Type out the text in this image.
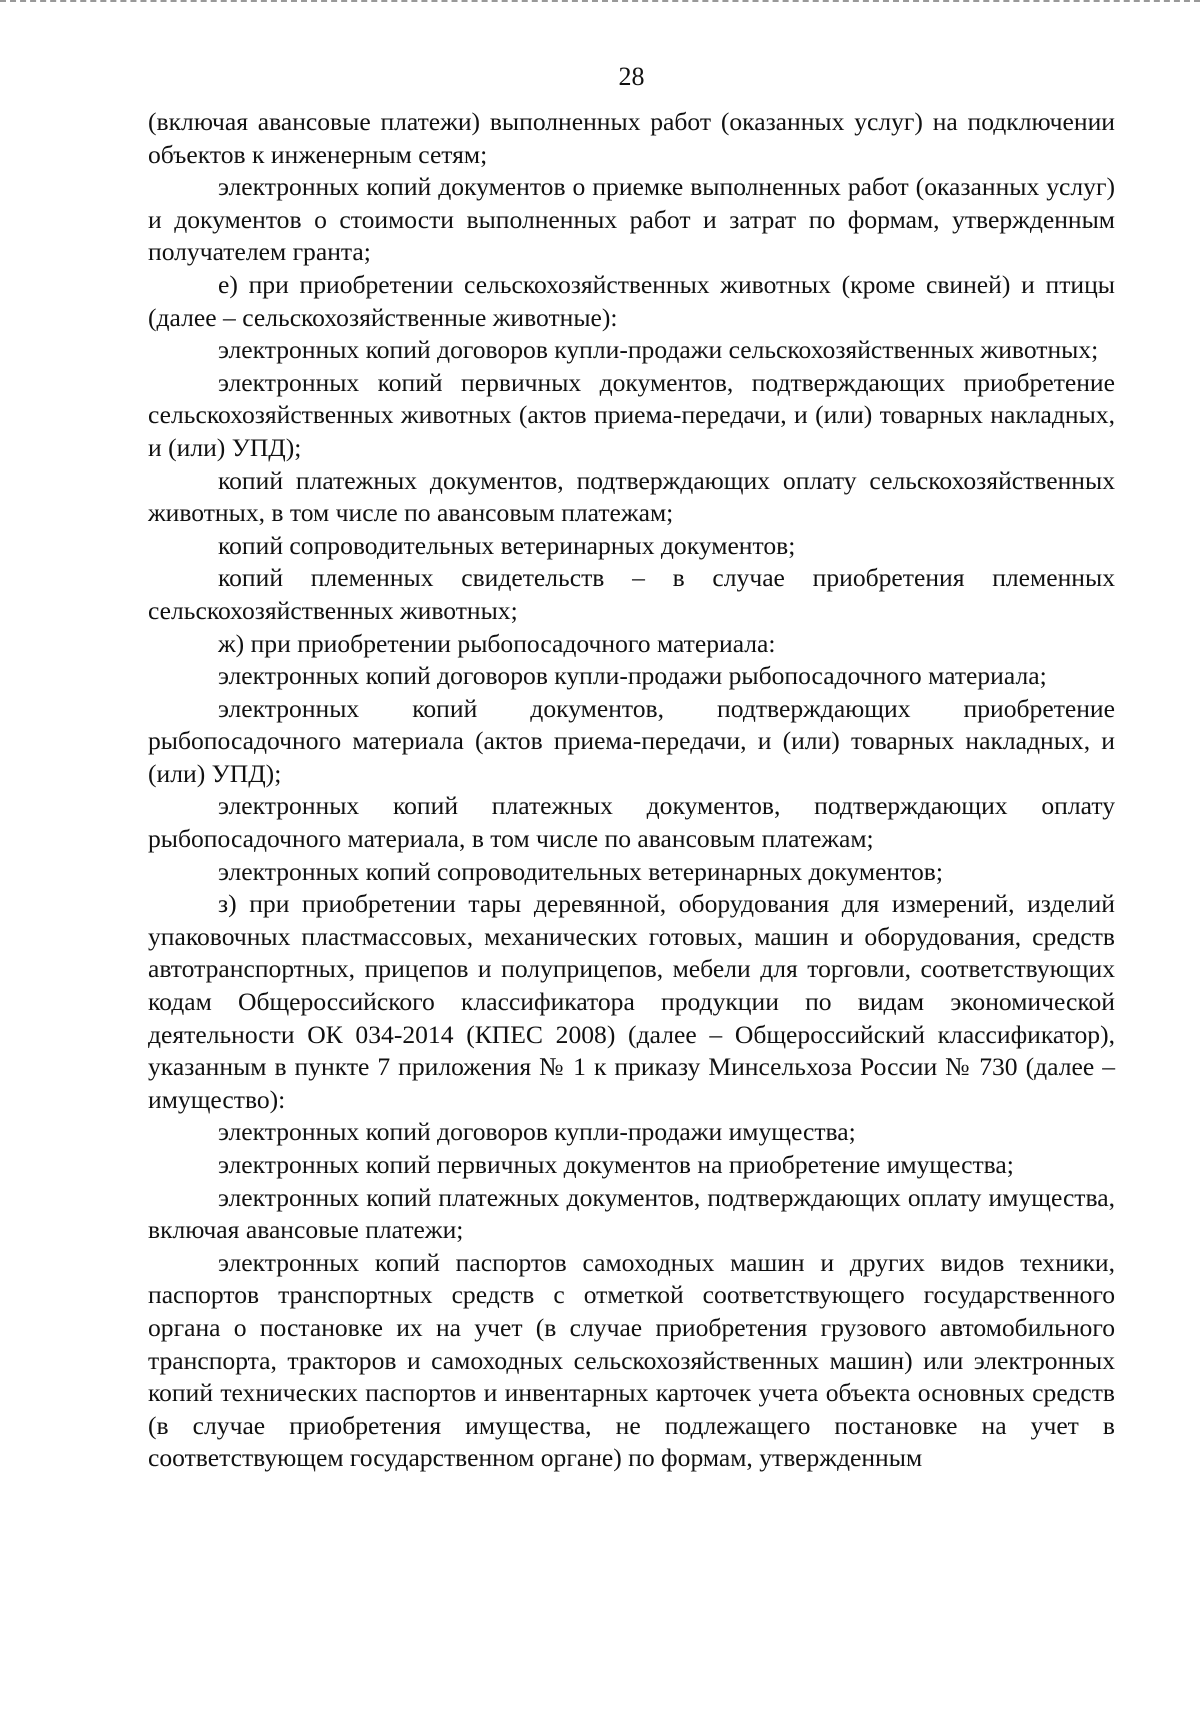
28

(включая авансовые платежи) выполненных работ (оказанных услуг) на подключении объектов к инженерным сетям;

электронных копий документов о приемке выполненных работ (оказанных услуг) и документов о стоимости выполненных работ и затрат по формам, утвержденным получателем гранта;

е) при приобретении сельскохозяйственных животных (кроме свиней) и птицы (далее – сельскохозяйственные животные):

электронных копий договоров купли-продажи сельскохозяйственных животных;

электронных копий первичных документов, подтверждающих приобретение сельскохозяйственных животных (актов приема-передачи, и (или) товарных накладных, и (или) УПД);

копий платежных документов, подтверждающих оплату сельскохозяйственных животных, в том числе по авансовым платежам;

копий сопроводительных ветеринарных документов;

копий племенных свидетельств – в случае приобретения племенных сельскохозяйственных животных;

ж) при приобретении рыбопосадочного материала:

электронных копий договоров купли-продажи рыбопосадочного материала;

электронных копий документов, подтверждающих приобретение рыбопосадочного материала (актов приема-передачи, и (или) товарных накладных, и (или) УПД);

электронных копий платежных документов, подтверждающих оплату рыбопосадочного материала, в том числе по авансовым платежам;

электронных копий сопроводительных ветеринарных документов;

з) при приобретении тары деревянной, оборудования для измерений, изделий упаковочных пластмассовых, механических готовых, машин и оборудования, средств автотранспортных, прицепов и полуприцепов, мебели для торговли, соответствующих кодам Общероссийского классификатора продукции по видам экономической деятельности ОК 034-2014 (КПЕС 2008) (далее – Общероссийский классификатор), указанным в пункте 7 приложения № 1 к приказу Минсельхоза России № 730 (далее – имущество):

электронных копий договоров купли-продажи имущества;

электронных копий первичных документов на приобретение имущества;

электронных копий платежных документов, подтверждающих оплату имущества, включая авансовые платежи;

электронных копий паспортов самоходных машин и других видов техники, паспортов транспортных средств с отметкой соответствующего государственного органа о постановке их на учет (в случае приобретения грузового автомобильного транспорта, тракторов и самоходных сельскохозяйственных машин) или электронных копий технических паспортов и инвентарных карточек учета объекта основных средств (в случае приобретения имущества, не подлежащего постановке на учет в соответствующем государственном органе) по формам, утвержденным
